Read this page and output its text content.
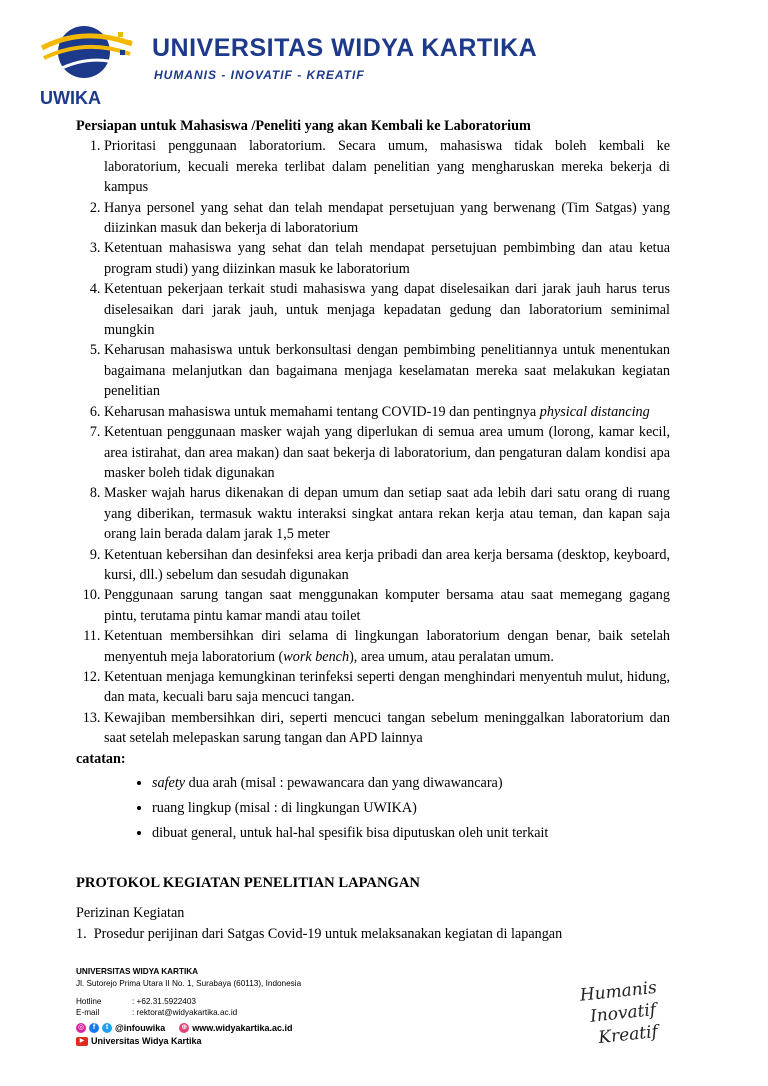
UWIKA
UNIVERSITAS WIDYA KARTIKA
HUMANIS - INOVATIF - KREATIF

Persiapan untuk Mahasiswa /Peneliti yang akan Kembali ke Laboratorium

1. Prioritasi penggunaan laboratorium. Secara umum, mahasiswa tidak boleh kembali ke laboratorium, kecuali mereka terlibat dalam penelitian yang mengharuskan mereka bekerja di kampus
2. Hanya personel yang sehat dan telah mendapat persetujuan yang berwenang (Tim Satgas) yang diizinkan masuk dan bekerja di laboratorium
3. Ketentuan mahasiswa yang sehat dan telah mendapat persetujuan pembimbing dan atau ketua program studi) yang diizinkan masuk ke laboratorium
4. Ketentuan pekerjaan terkait studi mahasiswa yang dapat diselesaikan dari jarak jauh harus terus diselesaikan dari jarak jauh, untuk menjaga kepadatan gedung dan laboratorium seminimal mungkin
5. Keharusan mahasiswa untuk berkonsultasi dengan pembimbing penelitiannya untuk menentukan bagaimana melanjutkan dan bagaimana menjaga keselamatan mereka saat melakukan kegiatan penelitian
6. Keharusan mahasiswa untuk memahami tentang COVID-19 dan pentingnya physical distancing
7. Ketentuan penggunaan masker wajah yang diperlukan di semua area umum (lorong, kamar kecil, area istirahat, dan area makan) dan saat bekerja di laboratorium, dan pengaturan dalam kondisi apa masker boleh tidak digunakan
8. Masker wajah harus dikenakan di depan umum dan setiap saat ada lebih dari satu orang di ruang yang diberikan, termasuk waktu interaksi singkat antara rekan kerja atau teman, dan kapan saja orang lain berada dalam jarak 1,5 meter
9. Ketentuan kebersihan dan desinfeksi area kerja pribadi dan area kerja bersama (desktop, keyboard, kursi, dll.) sebelum dan sesudah digunakan
10. Penggunaan sarung tangan saat menggunakan komputer bersama atau saat memegang gagang pintu, terutama pintu kamar mandi atau toilet
11. Ketentuan membersihkan diri selama di lingkungan laboratorium dengan benar, baik setelah menyentuh meja laboratorium (work bench), area umum, atau peralatan umum.
12. Ketentuan menjaga kemungkinan terinfeksi seperti dengan menghindari menyentuh mulut, hidung, dan mata, kecuali baru saja mencuci tangan.
13. Kewajiban membersihkan diri, seperti mencuci tangan sebelum meninggalkan laboratorium dan saat setelah melepaskan sarung tangan dan APD lainnya

catatan:

• safety dua arah (misal : pewawancara dan yang diwawancara)
• ruang lingkup (misal : di lingkungan UWIKA)
• dibuat general, untuk hal-hal spesifik bisa diputuskan oleh unit terkait

PROTOKOL KEGIATAN PENELITIAN LAPANGAN

Perizinan Kegiatan

1. Prosedur perijinan dari Satgas Covid-19 untuk melaksanakan kegiatan di lapangan

UNIVERSITAS WIDYA KARTIKA
Jl. Sutorejo Prima Utara II No. 1, Surabaya (60113), Indonesia
Hotline	: +62.31.5922403
E-mail	: rektorat@widyakartika.ac.id
◎	f	t @infouwika ⊕ www.widyakartika.ac.id
▶ Universitas Widya Kartika
Humanis
Inovatif
Kreatif
